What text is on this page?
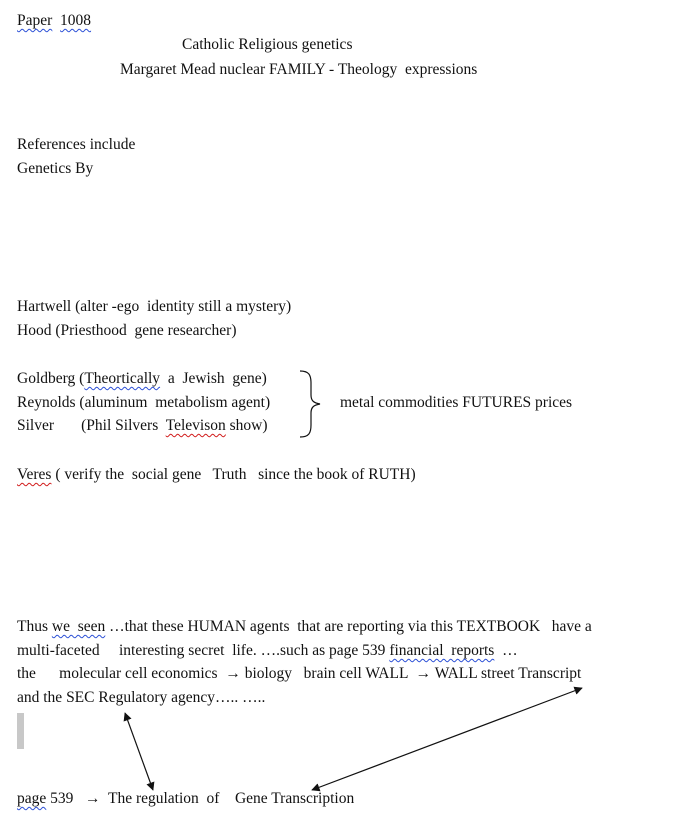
Paper 1008
Catholic Religious genetics
Margaret Mead nuclear FAMILY - Theology  expressions
References include
Genetics By
Hartwell (alter -ego  identity still a mystery)
Hood (Priesthood  gene researcher)
Goldberg (Theortically  a  Jewish  gene)
Reynolds (aluminum  metabolism agent)
Silver       (Phil Silvers  Televison show)
metal commodities FUTURES prices
Veres ( verify the  social gene   Truth   since the book of RUTH)
Thus we  seen …that these HUMAN agents  that are reporting via this TEXTBOOK   have a
multi-faceted     interesting secret  life. ….such as page 539 financial  reports  …
the      molecular cell economics  → biology   brain cell WALL  → WALL street Transcript
and the SEC Regulatory agency….. …..
page 539   →  The regulation  of    Gene Transcription
